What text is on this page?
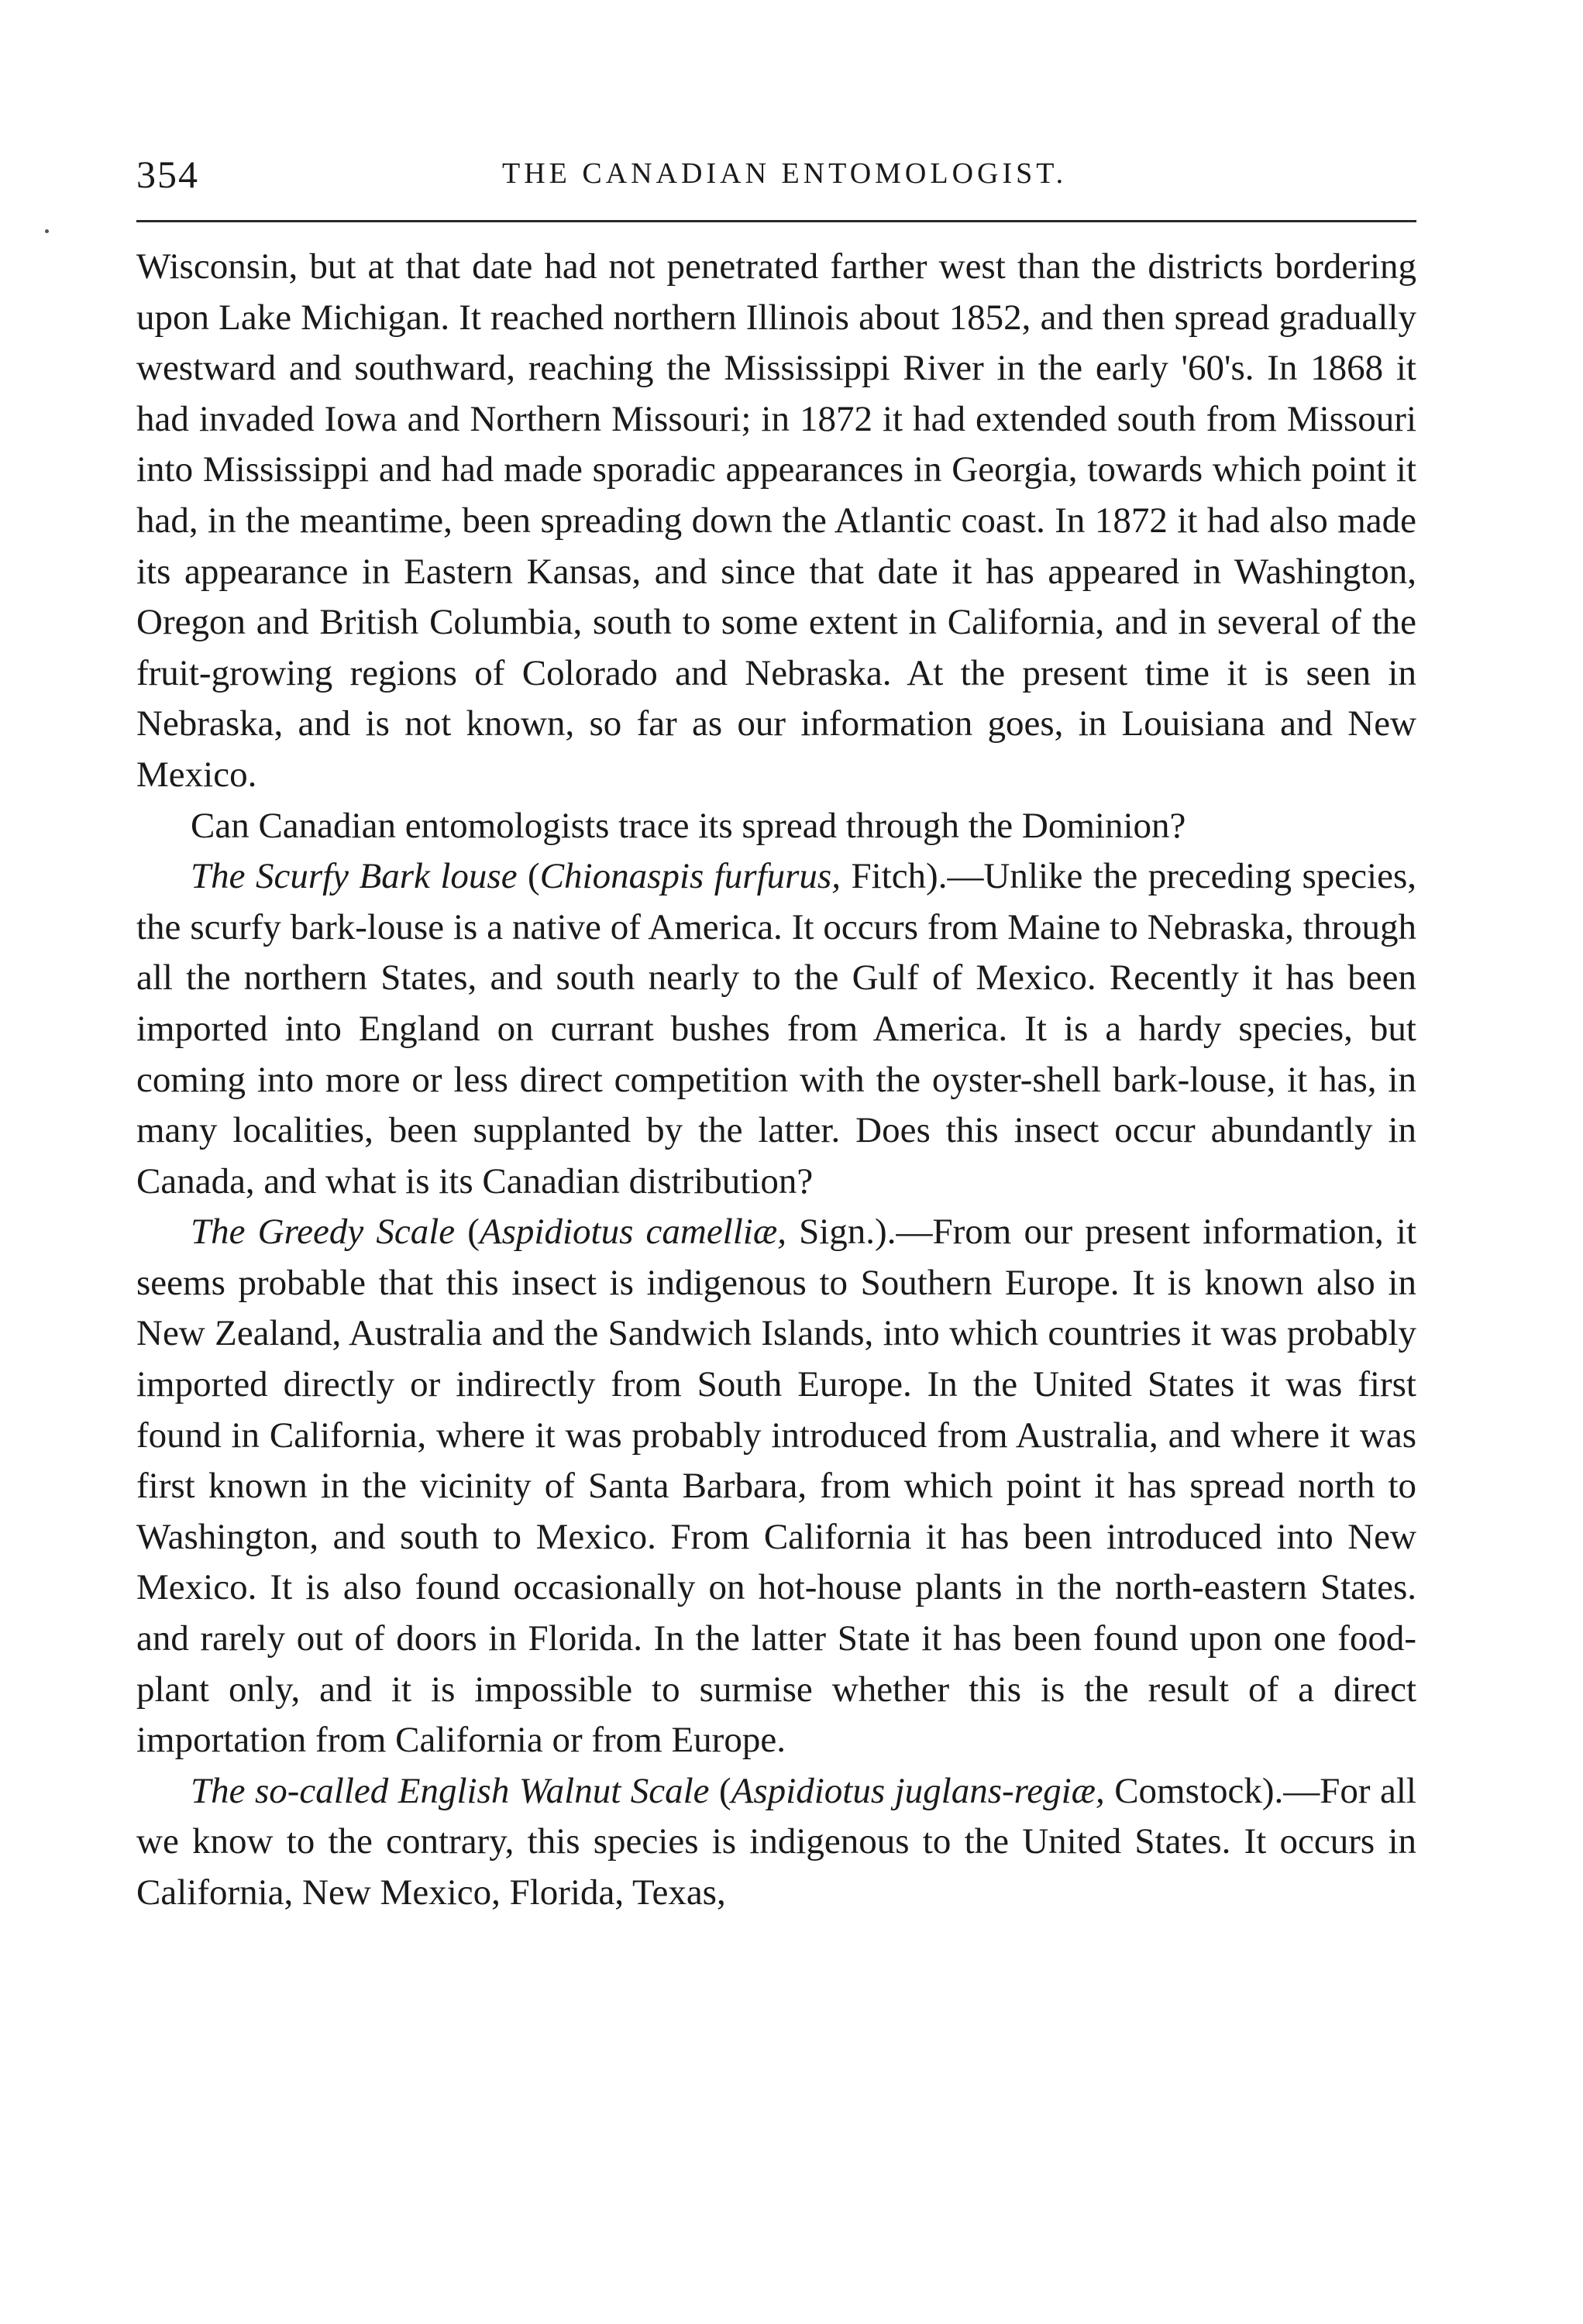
354	THE CANADIAN ENTOMOLOGIST.

Wisconsin, but at that date had not penetrated farther west than the districts bordering upon Lake Michigan. It reached northern Illinois about 1852, and then spread gradually westward and southward, reaching the Mississippi River in the early '60's. In 1868 it had invaded Iowa and Northern Missouri; in 1872 it had extended south from Missouri into Mississippi and had made sporadic appearances in Georgia, towards which point it had, in the meantime, been spreading down the Atlantic coast. In 1872 it had also made its appearance in Eastern Kansas, and since that date it has appeared in Washington, Oregon and British Columbia, south to some extent in California, and in several of the fruit-growing regions of Colorado and Nebraska. At the present time it is seen in Nebraska, and is not known, so far as our information goes, in Louisiana and New Mexico.

Can Canadian entomologists trace its spread through the Dominion?

The Scurfy Bark louse (Chionaspis furfurus, Fitch).—Unlike the preceding species, the scurfy bark-louse is a native of America. It occurs from Maine to Nebraska, through all the northern States, and south nearly to the Gulf of Mexico. Recently it has been imported into England on currant bushes from America. It is a hardy species, but coming into more or less direct competition with the oyster-shell bark-louse, it has, in many localities, been supplanted by the latter. Does this insect occur abundantly in Canada, and what is its Canadian distribution?

The Greedy Scale (Aspidiotus camelliæ, Sign.).—From our present information, it seems probable that this insect is indigenous to Southern Europe. It is known also in New Zealand, Australia and the Sandwich Islands, into which countries it was probably imported directly or indirectly from South Europe. In the United States it was first found in California, where it was probably introduced from Australia, and where it was first known in the vicinity of Santa Barbara, from which point it has spread north to Washington, and south to Mexico. From California it has been introduced into New Mexico. It is also found occasionally on hot-house plants in the north-eastern States. and rarely out of doors in Florida. In the latter State it has been found upon one food-plant only, and it is impossible to surmise whether this is the result of a direct importation from California or from Europe.

The so-called English Walnut Scale (Aspidiotus juglans-regiæ, Comstock).—For all we know to the contrary, this species is indigenous to the United States. It occurs in California, New Mexico, Florida, Texas,
